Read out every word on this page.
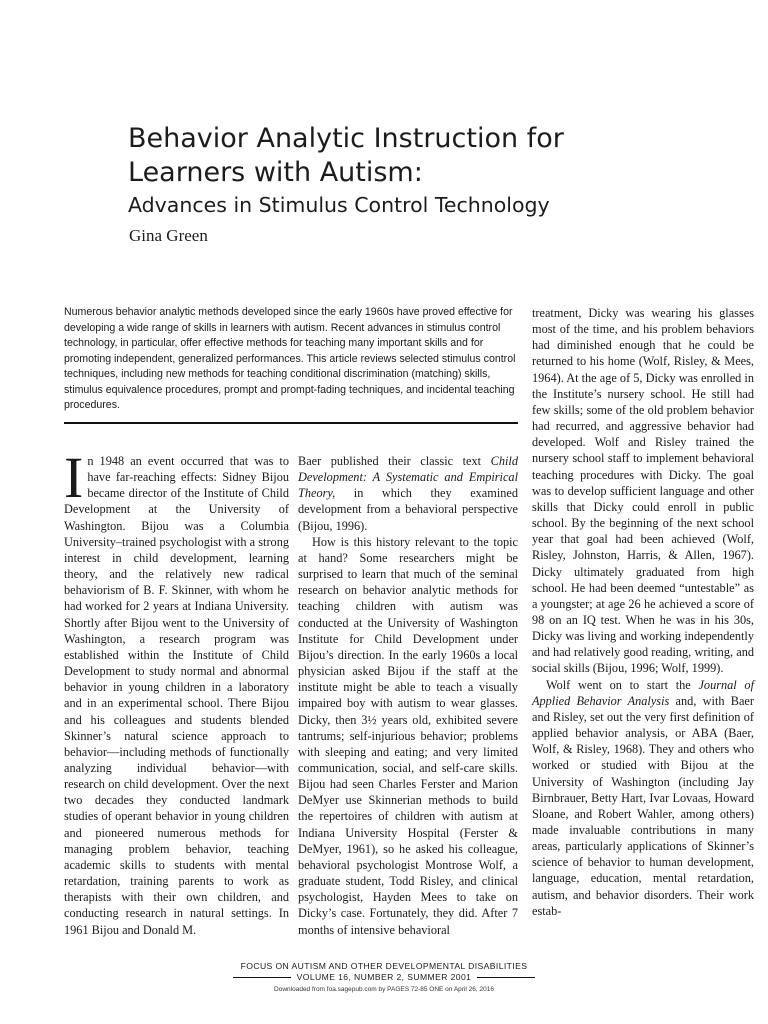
Behavior Analytic Instruction for
Learners with Autism:
Advances in Stimulus Control Technology
Gina Green
Numerous behavior analytic methods developed since the early 1960s have proved effective for developing a wide range of skills in learners with autism. Recent advances in stimulus control technology, in particular, offer effective methods for teaching many important skills and for promoting independent, generalized performances. This article reviews selected stimulus control techniques, including new methods for teaching conditional discrimination (matching) skills, stimulus equivalence procedures, prompt and prompt-fading techniques, and incidental teaching procedures.

In 1948 an event occurred that was to have far-reaching effects: Sidney Bijou became director of the Institute of Child Development at the University of Washington. Bijou was a Columbia University–trained psychologist with a strong interest in child development, learning theory, and the relatively new radical behaviorism of B. F. Skinner, with whom he had worked for 2 years at Indiana University. Shortly after Bijou went to the University of Washington, a research program was established within the Institute of Child Development to study normal and abnormal behavior in young children in a laboratory and in an experimental school. There Bijou and his colleagues and students blended Skinner’s natural science approach to behavior—including methods of functionally analyzing individual behavior—with research on child development. Over the next two decades they conducted landmark studies of operant behavior in young children and pioneered numerous methods for managing problem behavior, teaching academic skills to students with mental retardation, training parents to work as therapists with their own children, and conducting research in natural settings. In 1961 Bijou and Donald M.

Baer published their classic text Child Development: A Systematic and Empirical Theory, in which they examined development from a behavioral perspective (Bijou, 1996).

How is this history relevant to the topic at hand? Some researchers might be surprised to learn that much of the seminal research on behavior analytic methods for teaching children with autism was conducted at the University of Washington Institute for Child Development under Bijou’s direction. In the early 1960s a local physician asked Bijou if the staff at the institute might be able to teach a visually impaired boy with autism to wear glasses. Dicky, then 3½ years old, exhibited severe tantrums; self-injurious behavior; problems with sleeping and eating; and very limited communication, social, and self-care skills. Bijou had seen Charles Ferster and Marion DeMyer use Skinnerian methods to build the repertoires of children with autism at Indiana University Hospital (Ferster & DeMyer, 1961), so he asked his colleague, behavioral psychologist Montrose Wolf, a graduate student, Todd Risley, and clinical psychologist, Hayden Mees to take on Dicky’s case. Fortunately, they did. After 7 months of intensive behavioral

treatment, Dicky was wearing his glasses most of the time, and his problem behaviors had diminished enough that he could be returned to his home (Wolf, Risley, & Mees, 1964). At the age of 5, Dicky was enrolled in the Institute’s nursery school. He still had few skills; some of the old problem behavior had recurred, and aggressive behavior had developed. Wolf and Risley trained the nursery school staff to implement behavioral teaching procedures with Dicky. The goal was to develop sufficient language and other skills that Dicky could enroll in public school. By the beginning of the next school year that goal had been achieved (Wolf, Risley, Johnston, Harris, & Allen, 1967). Dicky ultimately graduated from high school. He had been deemed “untestable” as a youngster; at age 26 he achieved a score of 98 on an IQ test. When he was in his 30s, Dicky was living and working independently and had relatively good reading, writing, and social skills (Bijou, 1996; Wolf, 1999).

Wolf went on to start the Journal of Applied Behavior Analysis and, with Baer and Risley, set out the very first definition of applied behavior analysis, or ABA (Baer, Wolf, & Risley, 1968). They and others who worked or studied with Bijou at the University of Washington (including Jay Birnbrauer, Betty Hart, Ivar Lovaas, Howard Sloane, and Robert Wahler, among others) made invaluable contributions in many areas, particularly applications of Skinner’s science of behavior to human development, language, education, mental retardation, autism, and behavior disorders. Their work estab-

FOCUS ON AUTISM AND OTHER DEVELOPMENTAL DISABILITIES
VOLUME 16, NUMBER 2, SUMMER 2001
Downloaded from foa.sagepub.com by PAGES 72-85 ONE on April 26, 2016
